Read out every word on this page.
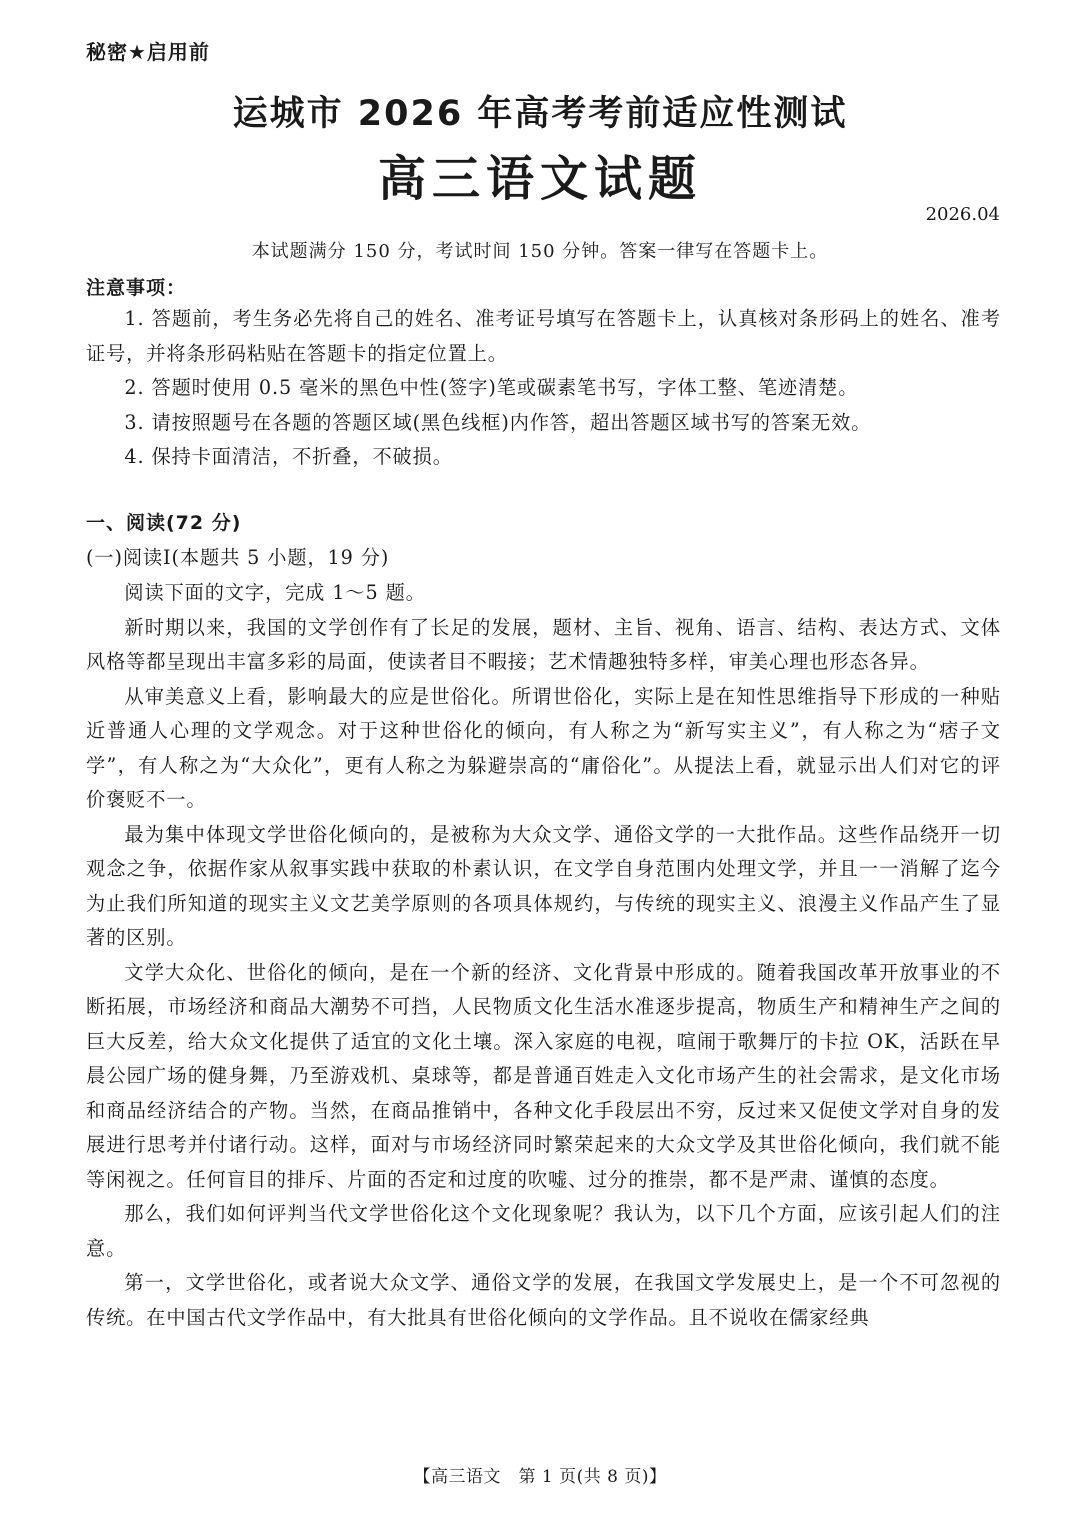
秘密★启用前
运城市 2026 年高考考前适应性测试
高三语文试题
2026.04
本试题满分 150 分，考试时间 150 分钟。答案一律写在答题卡上。
注意事项：

1. 答题前，考生务必先将自己的姓名、准考证号填写在答题卡上，认真核对条形码上的姓名、准考证号，并将条形码粘贴在答题卡的指定位置上。

2. 答题时使用 0.5 毫米的黑色中性(签字)笔或碳素笔书写，字体工整、笔迹清楚。

3. 请按照题号在各题的答题区域(黑色线框)内作答，超出答题区域书写的答案无效。

4. 保持卡面清洁，不折叠，不破损。

一、阅读(72 分)
(一)阅读Ⅰ(本题共 5 小题，19 分)

阅读下面的文字，完成 1～5 题。

新时期以来，我国的文学创作有了长足的发展，题材、主旨、视角、语言、结构、表达方式、文体风格等都呈现出丰富多彩的局面，使读者目不暇接；艺术情趣独特多样，审美心理也形态各异。

从审美意义上看，影响最大的应是世俗化。所谓世俗化，实际上是在知性思维指导下形成的一种贴近普通人心理的文学观念。对于这种世俗化的倾向，有人称之为“新写实主义”，有人称之为“痞子文学”，有人称之为“大众化”，更有人称之为躲避崇高的“庸俗化”。从提法上看，就显示出人们对它的评价褒贬不一。

最为集中体现文学世俗化倾向的，是被称为大众文学、通俗文学的一大批作品。这些作品绕开一切观念之争，依据作家从叙事实践中获取的朴素认识，在文学自身范围内处理文学，并且一一消解了迄今为止我们所知道的现实主义文艺美学原则的各项具体规约，与传统的现实主义、浪漫主义作品产生了显著的区别。

文学大众化、世俗化的倾向，是在一个新的经济、文化背景中形成的。随着我国改革开放事业的不断拓展，市场经济和商品大潮势不可挡，人民物质文化生活水准逐步提高，物质生产和精神生产之间的巨大反差，给大众文化提供了适宜的文化土壤。深入家庭的电视，喧闹于歌舞厅的卡拉 OK，活跃在早晨公园广场的健身舞，乃至游戏机、桌球等，都是普通百姓走入文化市场产生的社会需求，是文化市场和商品经济结合的产物。当然，在商品推销中，各种文化手段层出不穷，反过来又促使文学对自身的发展进行思考并付诸行动。这样，面对与市场经济同时繁荣起来的大众文学及其世俗化倾向，我们就不能等闲视之。任何盲目的排斥、片面的否定和过度的吹嘘、过分的推崇，都不是严肃、谨慎的态度。

那么，我们如何评判当代文学世俗化这个文化现象呢？我认为，以下几个方面，应该引起人们的注意。

第一，文学世俗化，或者说大众文学、通俗文学的发展，在我国文学发展史上，是一个不可忽视的传统。在中国古代文学作品中，有大批具有世俗化倾向的文学作品。且不说收在儒家经典

【高三语文　第 1 页(共 8 页)】
